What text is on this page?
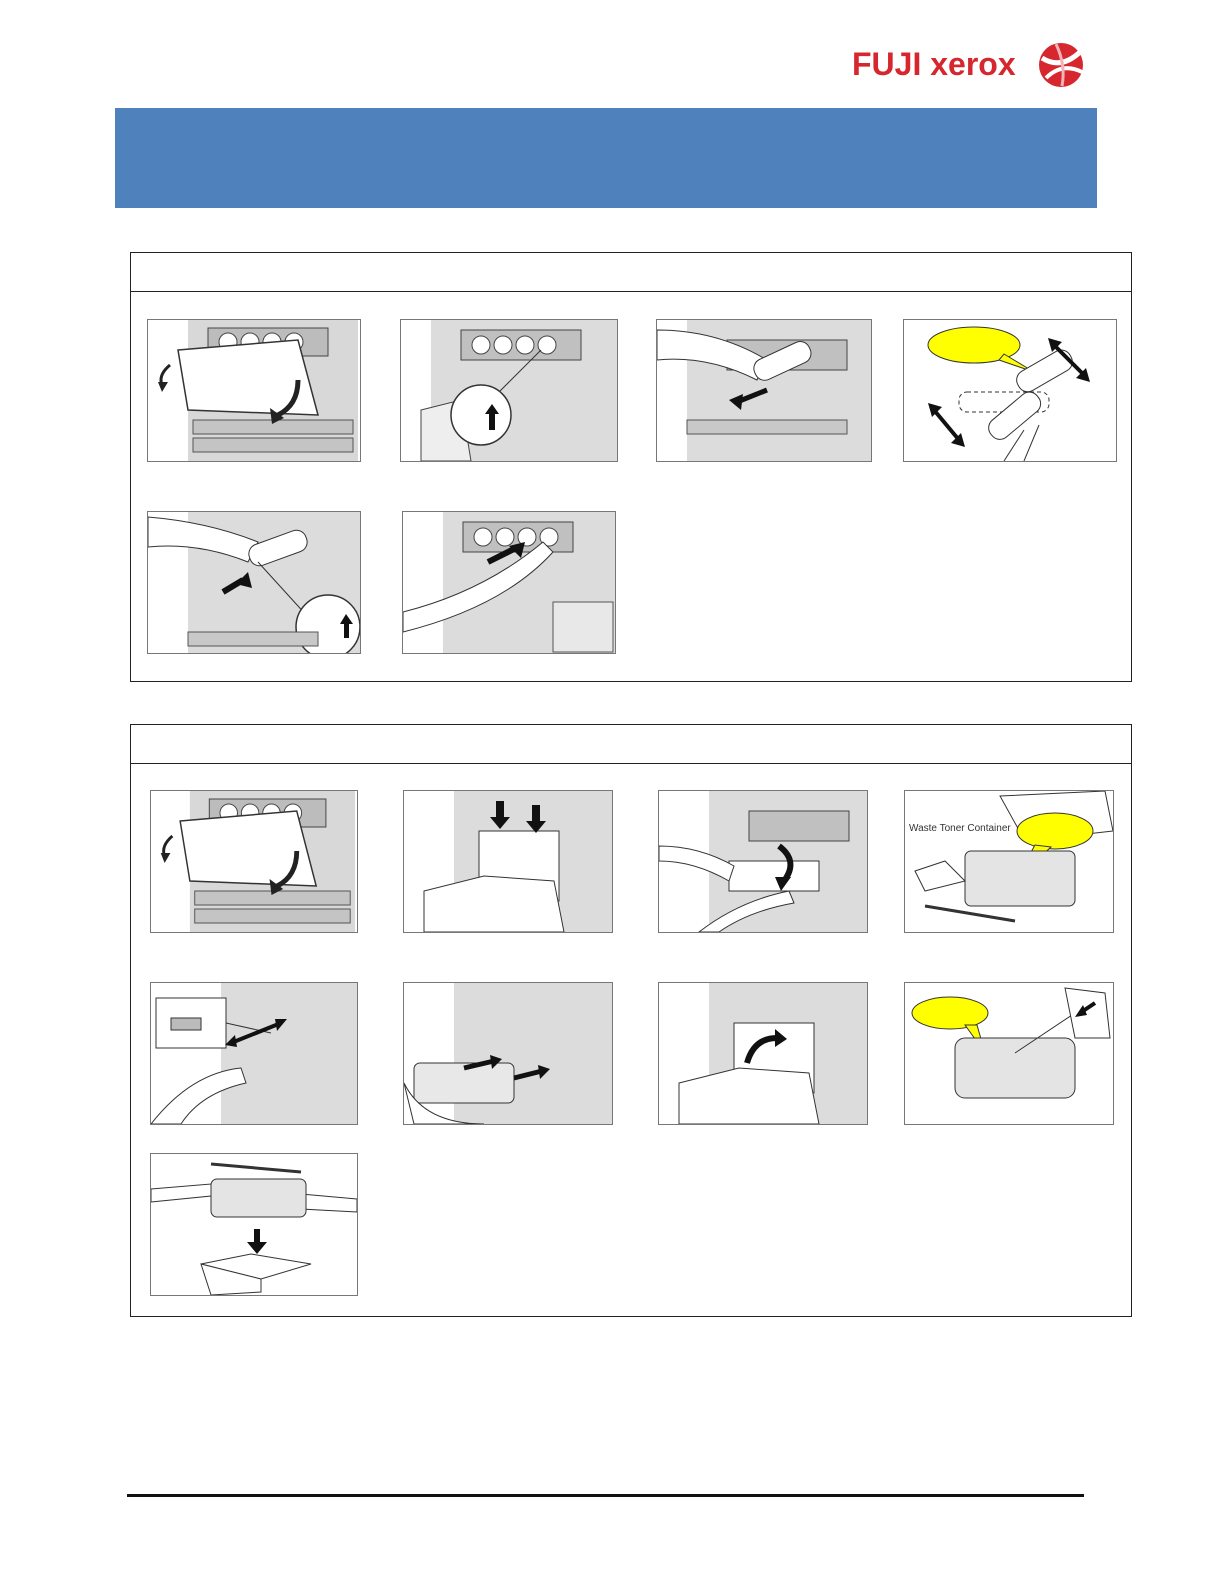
FUJI xerox
Waste Toner Container
